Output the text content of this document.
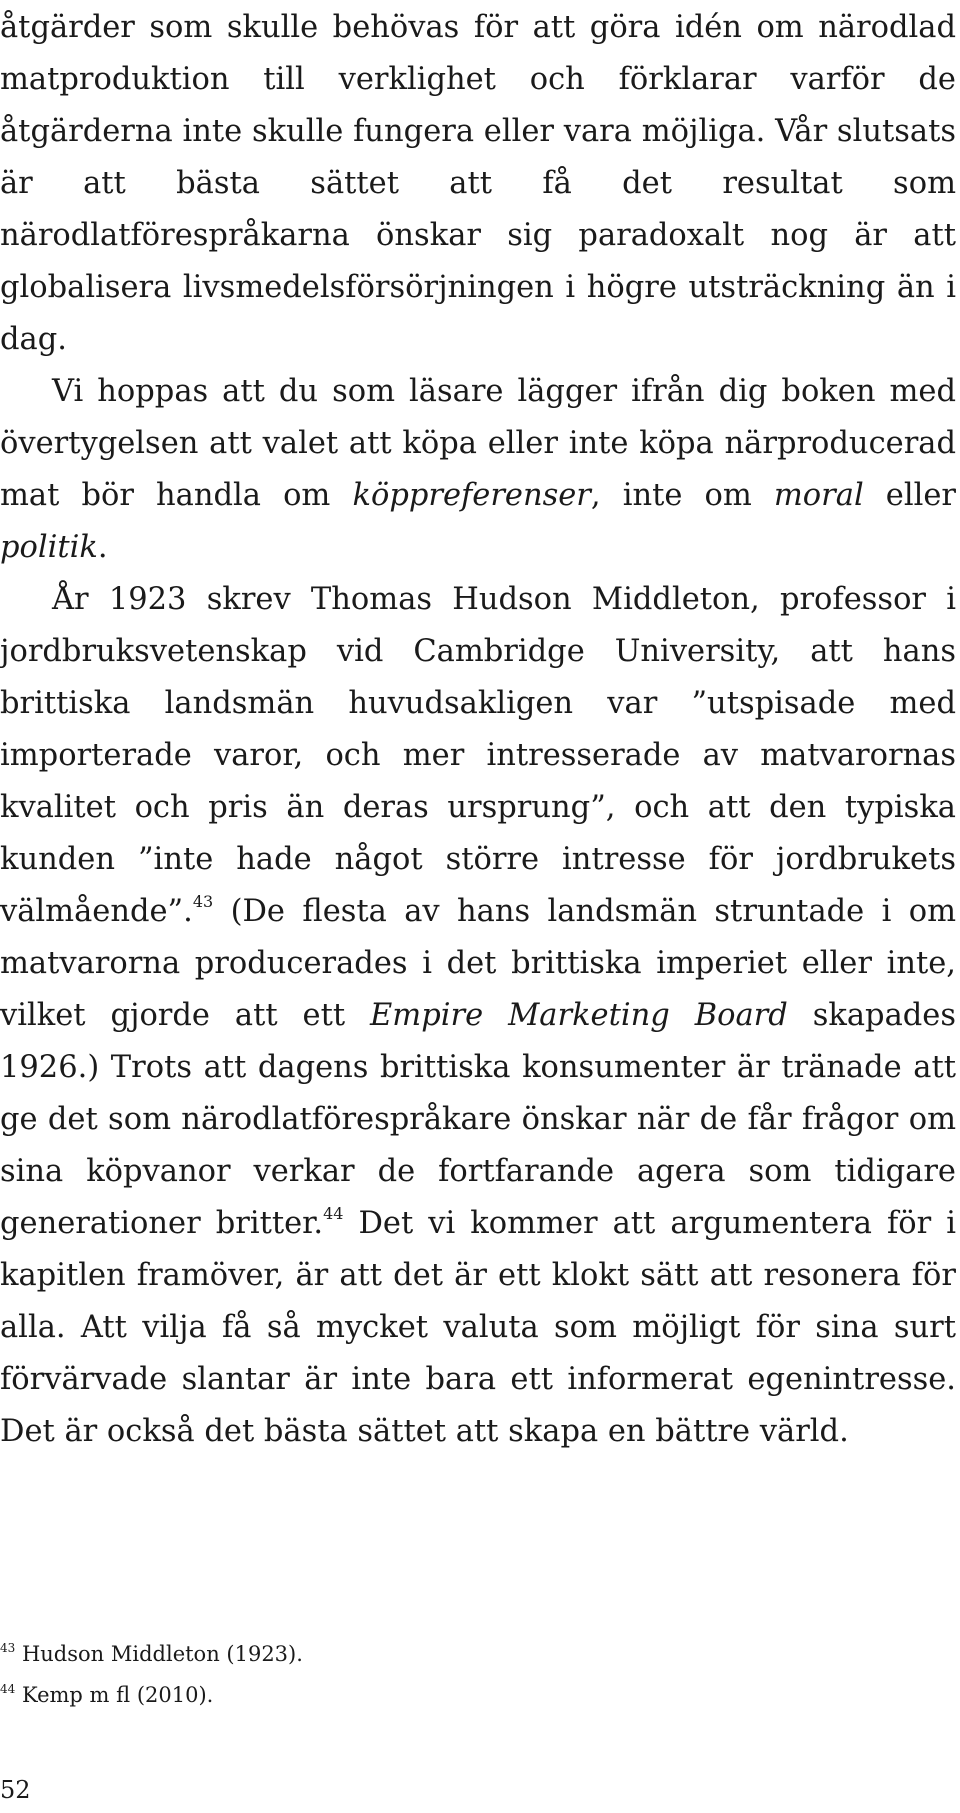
åtgärder som skulle behövas för att göra idén om närodlad matproduktion till verklighet och förklarar varför de åtgärderna inte skulle fungera eller vara möjliga. Vår slutsats är att bästa sättet att få det resultat som närodlatförespråkarna önskar sig paradoxalt nog är att globalisera livsmedelsförsörjningen i högre utsträckning än i dag.

Vi hoppas att du som läsare lägger ifrån dig boken med övertygelsen att valet att köpa eller inte köpa närproducerad mat bör handla om köppreferenser, inte om moral eller politik.

År 1923 skrev Thomas Hudson Middleton, professor i jordbruksvetenskap vid Cambridge University, att hans brittiska landsmän huvudsakligen var ”utspisade med importerade varor, och mer intresserade av matvarornas kvalitet och pris än deras ursprung”, och att den typiska kunden ”inte hade något större intresse för jordbrukets välmående”.$^{43}$ (De flesta av hans landsmän struntade i om matvarorna producerades i det brittiska imperiet eller inte, vilket gjorde att ett Empire Marketing Board skapades 1926.) Trots att dagens brittiska konsumenter är tränade att ge det som närodlatförespråkare önskar när de får frågor om sina köpvanor verkar de fortfarande agera som tidigare generationer britter.$^{44}$ Det vi kommer att argumentera för i kapitlen framöver, är att det är ett klokt sätt att resonera för alla. Att vilja få så mycket valuta som möjligt för sina surt förvärvade slantar är inte bara ett informerat egenintresse. Det är också det bästa sättet att skapa en bättre värld.

$^{43}$ Hudson Middleton (1923).
$^{44}$ Kemp m fl (2010).
52
